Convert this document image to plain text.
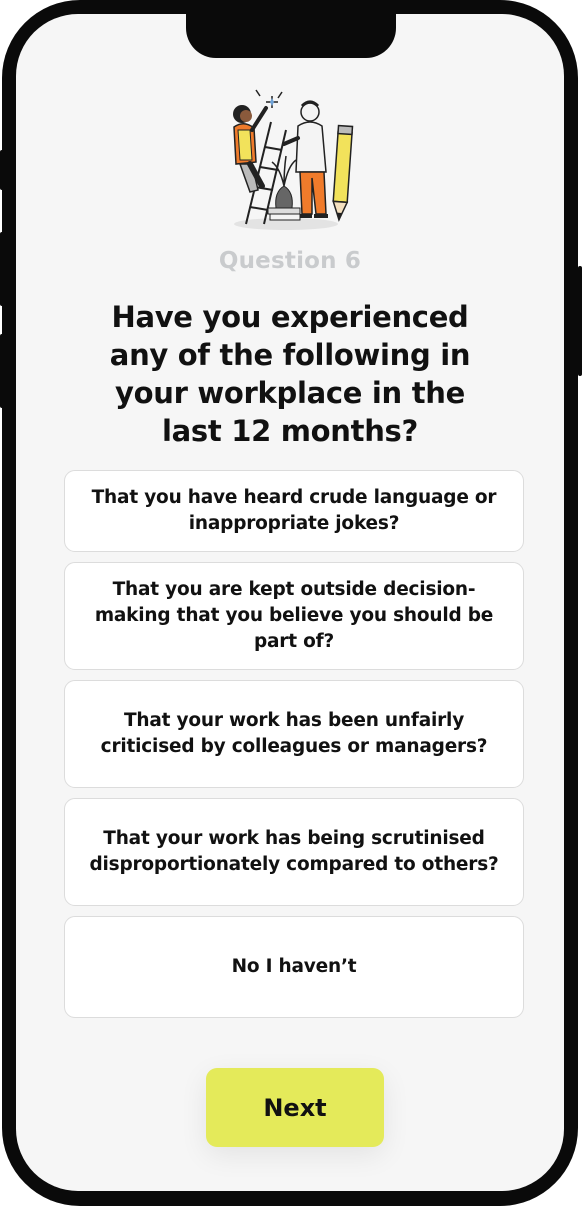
Question 6
Have you experienced any of the following in your workplace in the last 12 months?
That you have heard crude language or inappropriate jokes?
That you are kept outside decision-making that you believe you should be part of?
That your work has been unfairly criticised by colleagues or managers?
That your work has being scrutinised disproportionately compared to others?
No I haven’t
Next
